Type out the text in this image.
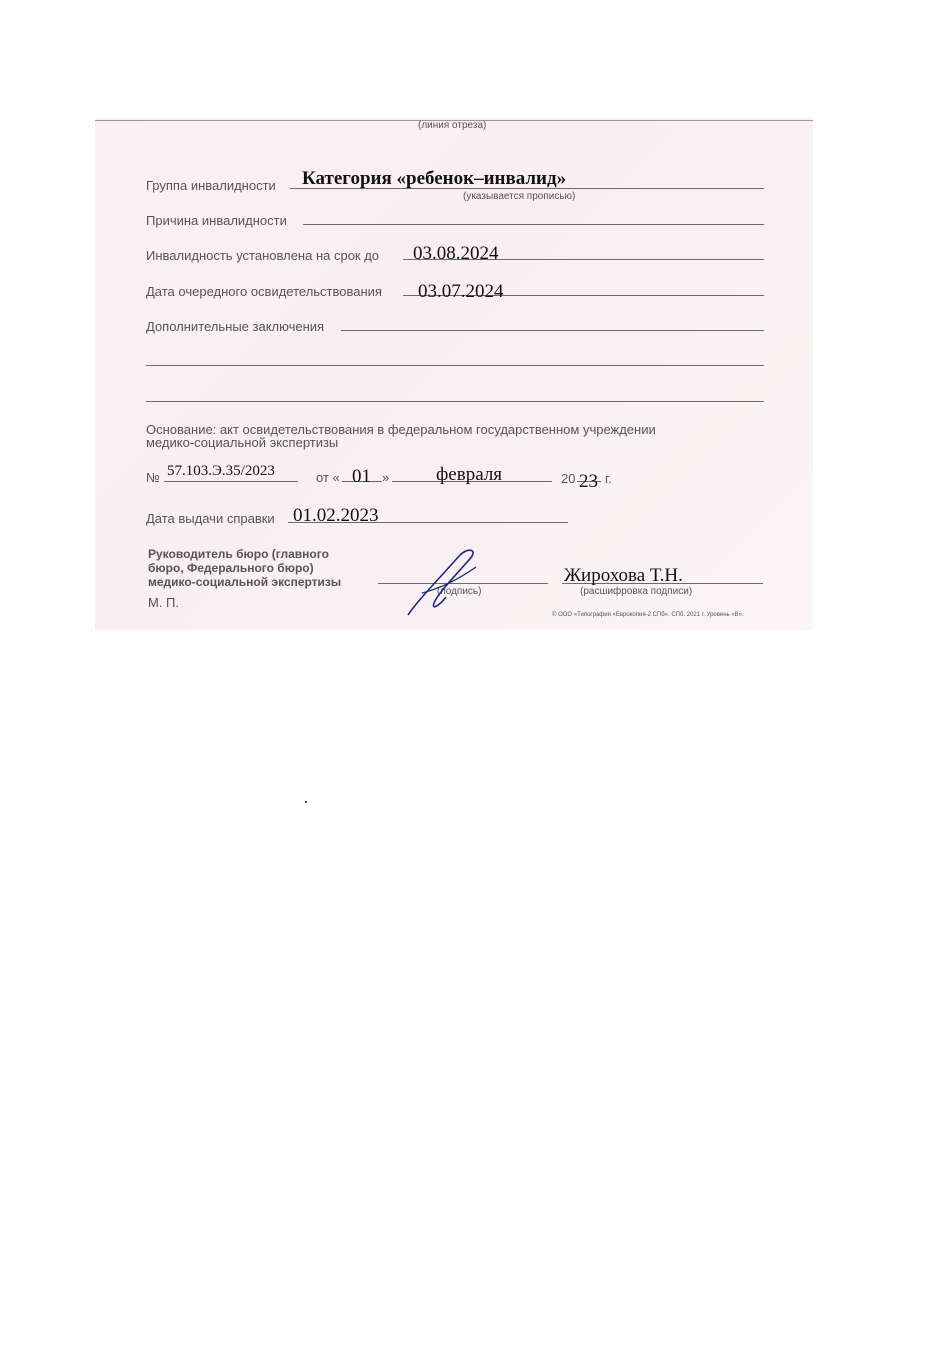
(линия отреза)
Группа инвалидности Категория «ребенок–инвалид»
(указывается прописью)
Причина инвалидности
Инвалидность установлена на срок до 03.08.2024
Дата очередного освидетельствования 03.07.2024
Дополнительные заключения
Основание: акт освидетельствования в федеральном государственном учреждении
медико-социальной экспертизы
№ 57.103.Э.35/2023	от « 01 » февраля	20 23 г.
Дата выдачи справки 01.02.2023
Руководитель бюро (главного
бюро, Федерального бюро)
медико-социальной экспертизы
(подпись)
Жирохова Т.Н.
(расшифровка подписи)
М. П.
© ООО «Типография «Еврокопия-2 СПб». СПб. 2021 г. Уровень «В».
